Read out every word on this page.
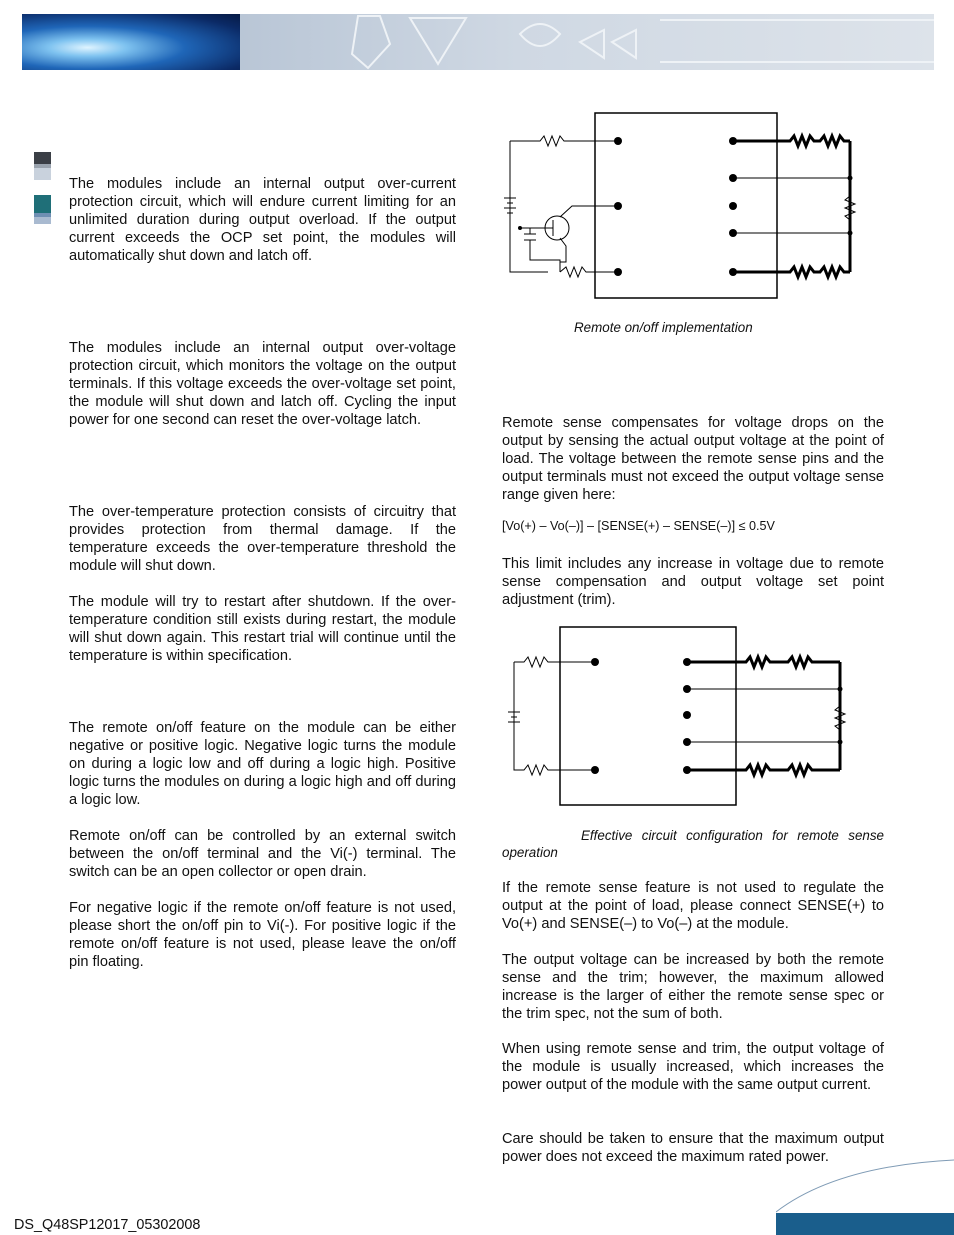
The modules include an internal output over-current protection circuit, which will endure current limiting for an unlimited duration during output overload. If the output current exceeds the OCP set point, the modules will automatically shut down and latch off.

The modules include an internal output over-voltage protection circuit, which monitors the voltage on the output terminals. If this voltage exceeds the over-voltage set point, the module will shut down and latch off. Cycling the input power for one second can reset the over-voltage latch.

The over-temperature protection consists of circuitry that provides protection from thermal damage. If the temperature exceeds the over-temperature threshold the module will shut down.

The module will try to restart after shutdown. If the over-temperature condition still exists during restart, the module will shut down again. This restart trial will continue until the temperature is within specification.

The remote on/off feature on the module can be either negative or positive logic. Negative logic turns the module on during a logic low and off during a logic high. Positive logic turns the modules on during a logic high and off during a logic low.

Remote on/off can be controlled by an external switch between the on/off terminal and the Vi(-) terminal. The switch can be an open collector or open drain.

For negative logic if the remote on/off feature is not used, please short the on/off pin to Vi(-). For positive logic if the remote on/off feature is not used, please leave the on/off pin floating.

Remote on/off implementation

Remote sense compensates for voltage drops on the output by sensing the actual output voltage at the point of load. The voltage between the remote sense pins and the output terminals must not exceed the output voltage sense range given here:

[Vo(+) – Vo(–)] – [SENSE(+) – SENSE(–)] ≤ 0.5V

This limit includes any increase in voltage due to remote sense compensation and output voltage set point adjustment (trim).

Effective circuit configuration for remote sense operation

If the remote sense feature is not used to regulate the output at the point of load, please connect SENSE(+) to Vo(+) and SENSE(–) to Vo(–) at the module.

The output voltage can be increased by both the remote sense and the trim; however, the maximum allowed increase is the larger of either the remote sense spec or the trim spec, not the sum of both.

When using remote sense and trim, the output voltage of the module is usually increased, which increases the power output of the module with the same output current.

Care should be taken to ensure that the maximum output power does not exceed the maximum rated power.

DS_Q48SP12017_05302008
